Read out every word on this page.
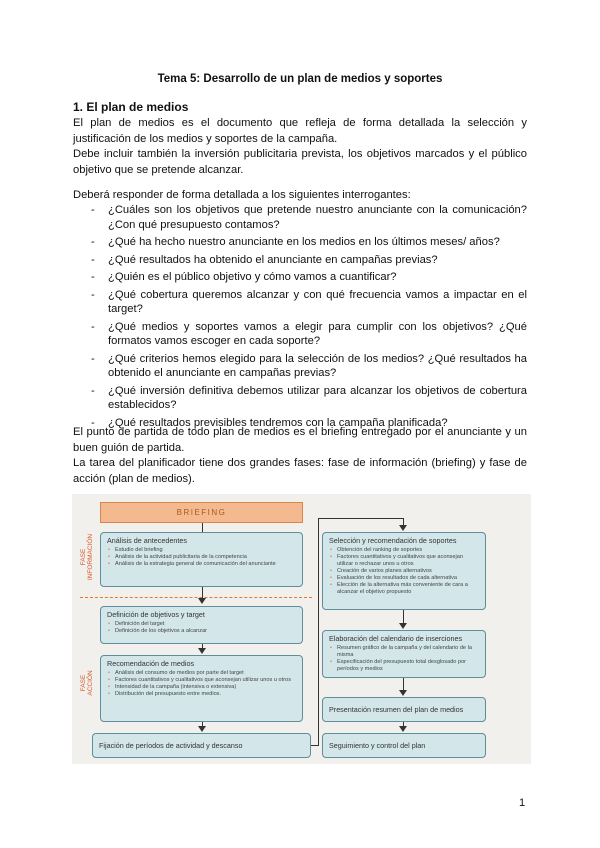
Tema 5: Desarrollo de un plan de medios y soportes
1. El plan de medios
El plan de medios es el documento que refleja de forma detallada la selección y justificación de los medios y soportes de la campaña.
Debe incluir también la inversión publicitaria prevista, los objetivos marcados y el público objetivo que se pretende alcanzar.
Deberá responder de forma detallada a los siguientes interrogantes:
- ¿Cuáles son los objetivos que pretende nuestro anunciante con la comunicación? ¿Con qué presupuesto contamos?
- ¿Qué ha hecho nuestro anunciante en los medios en los últimos meses/ años?
- ¿Qué resultados ha obtenido el anunciante en campañas previas?
- ¿Quién es el público objetivo y cómo vamos a cuantificar?
- ¿Qué cobertura queremos alcanzar y con qué frecuencia vamos a impactar en el target?
- ¿Qué medios y soportes vamos a elegir para cumplir con los objetivos? ¿Qué formatos vamos escoger en cada soporte?
- ¿Qué criterios hemos elegido para la selección de los medios? ¿Qué resultados ha obtenido el anunciante en campañas previas?
- ¿Qué inversión definitiva debemos utilizar para alcanzar los objetivos de cobertura establecidos?
- ¿Qué resultados previsibles tendremos con la campaña planificada?
El punto de partida de todo plan de medios es el briefing entregado por el anunciante y un buen guión de partida.
La tarea del planificador tiene dos grandes fases: fase de información (briefing) y fase de acción (plan de medios).
BRIEFING
FASE
INFORMACIÓN
FASE
ACCIÓN
Análisis de antecedentes
• Estudio del briefing
• Análisis de la actividad publicitaria de la competencia
• Análisis de la estrategia general de comunicación del anunciante
Definición de objetivos y target
• Definición del target
• Definición de los objetivos a alcanzar
Recomendación de medios
• Análisis del consumo de medios por parte del target
• Factores cuantitativos y cualitativos que aconsejan utilizar unos u otros
• Intensidad de la campaña (intensiva o extensiva)
• Distribución del presupuesto entre medios.
Fijación de períodos de actividad y descanso
Selección y recomendación de soportes
• Obtención del ranking de soportes
• Factores cuantitativos y cualitativos que aconsejan utilizar o rechazar unos u otros
• Creación de varios planes alternativos
• Evaluación de los resultados de cada alternativa
• Elección de la alternativa más conveniente de cara a alcanzar el objetivo propuesto
Elaboración del calendario de inserciones
• Resumen gráfico de la campaña y del calendario de la misma
• Especificación del presupuesto total desglosado por períodos y medios
Presentación resumen del plan de medios
Seguimiento y control del plan
1
